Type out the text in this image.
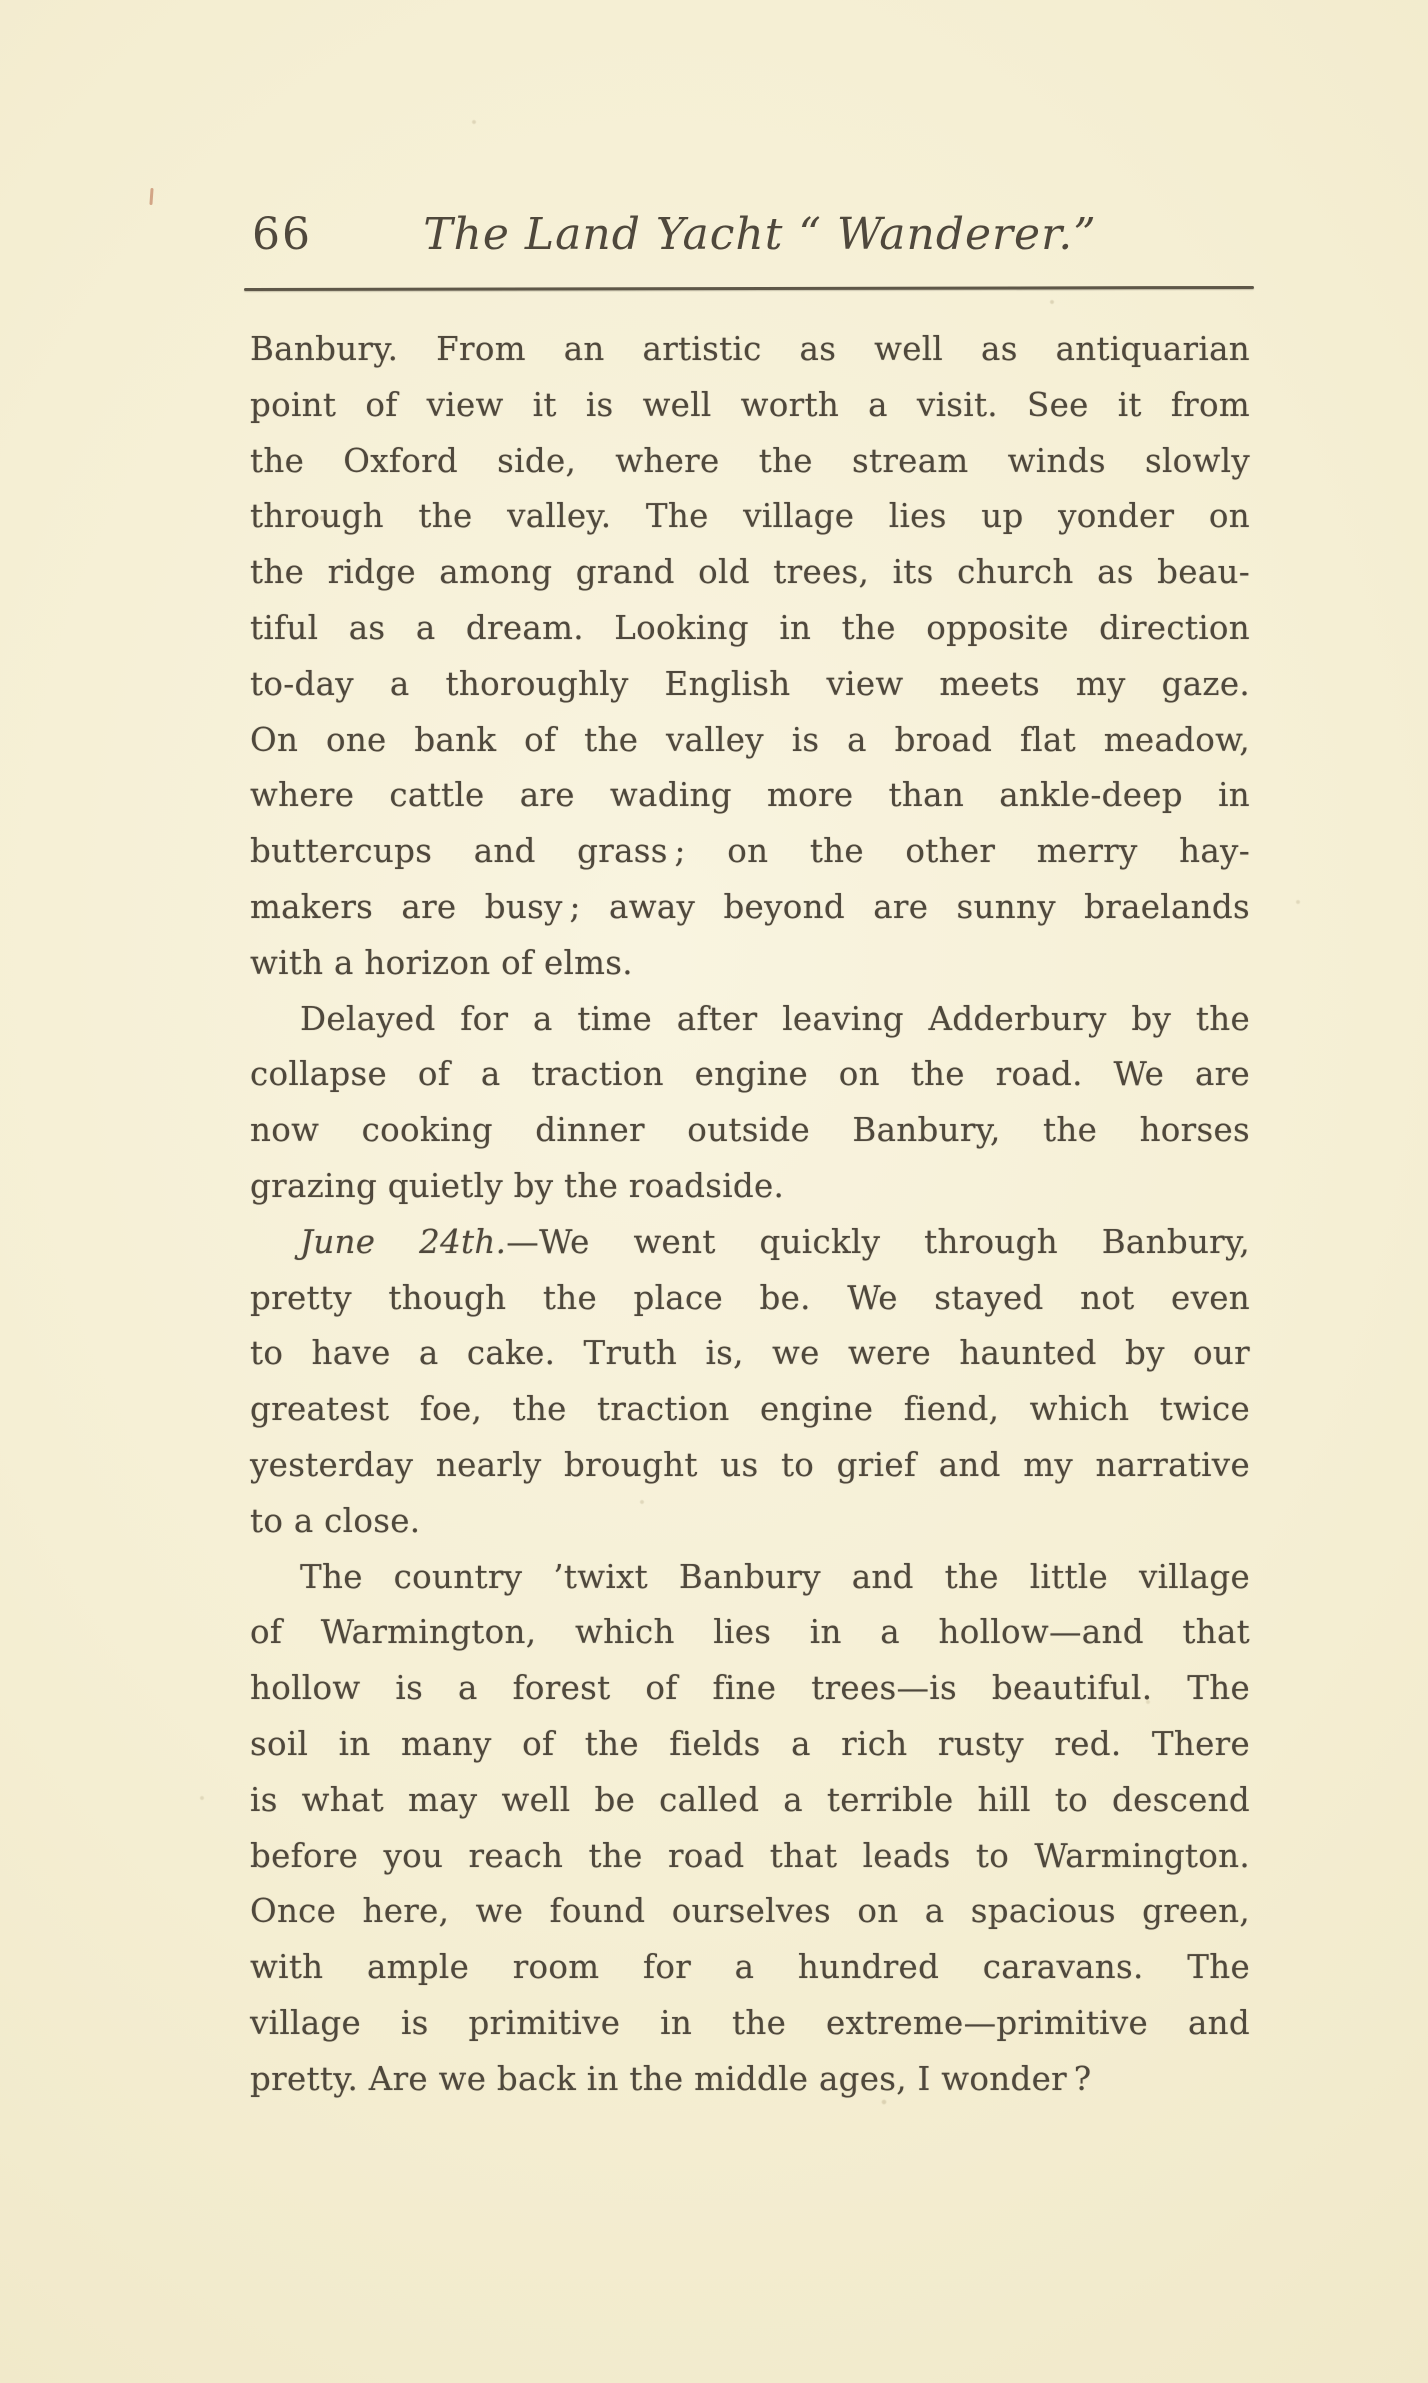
66	The Land Yacht “ Wanderer.”
Banbury. From an artistic as well as antiquarian
point of view it is well worth a visit. See it from
the Oxford side, where the stream winds slowly
through the valley. The village lies up yonder on
the ridge among grand old trees, its church as beau-
tiful as a dream. Looking in the opposite direction
to-day a thoroughly English view meets my gaze.
On one bank of the valley is a broad flat meadow,
where cattle are wading more than ankle-deep in
buttercups and grass ; on the other merry hay-
makers are busy ; away beyond are sunny braelands
with a horizon of elms.
Delayed for a time after leaving Adderbury by the
collapse of a traction engine on the road. We are
now cooking dinner outside Banbury, the horses
grazing quietly by the roadside.
June 24th.—We went quickly through Banbury,
pretty though the place be. We stayed not even
to have a cake. Truth is, we were haunted by our
greatest foe, the traction engine fiend, which twice
yesterday nearly brought us to grief and my narrative
to a close.
The country ’twixt Banbury and the little village
of Warmington, which lies in a hollow—and that
hollow is a forest of fine trees—is beautiful. The
soil in many of the fields a rich rusty red. There
is what may well be called a terrible hill to descend
before you reach the road that leads to Warmington.
Once here, we found ourselves on a spacious green,
with ample room for a hundred caravans. The
village is primitive in the extreme—primitive and
pretty. Are we back in the middle ages, I wonder ?
